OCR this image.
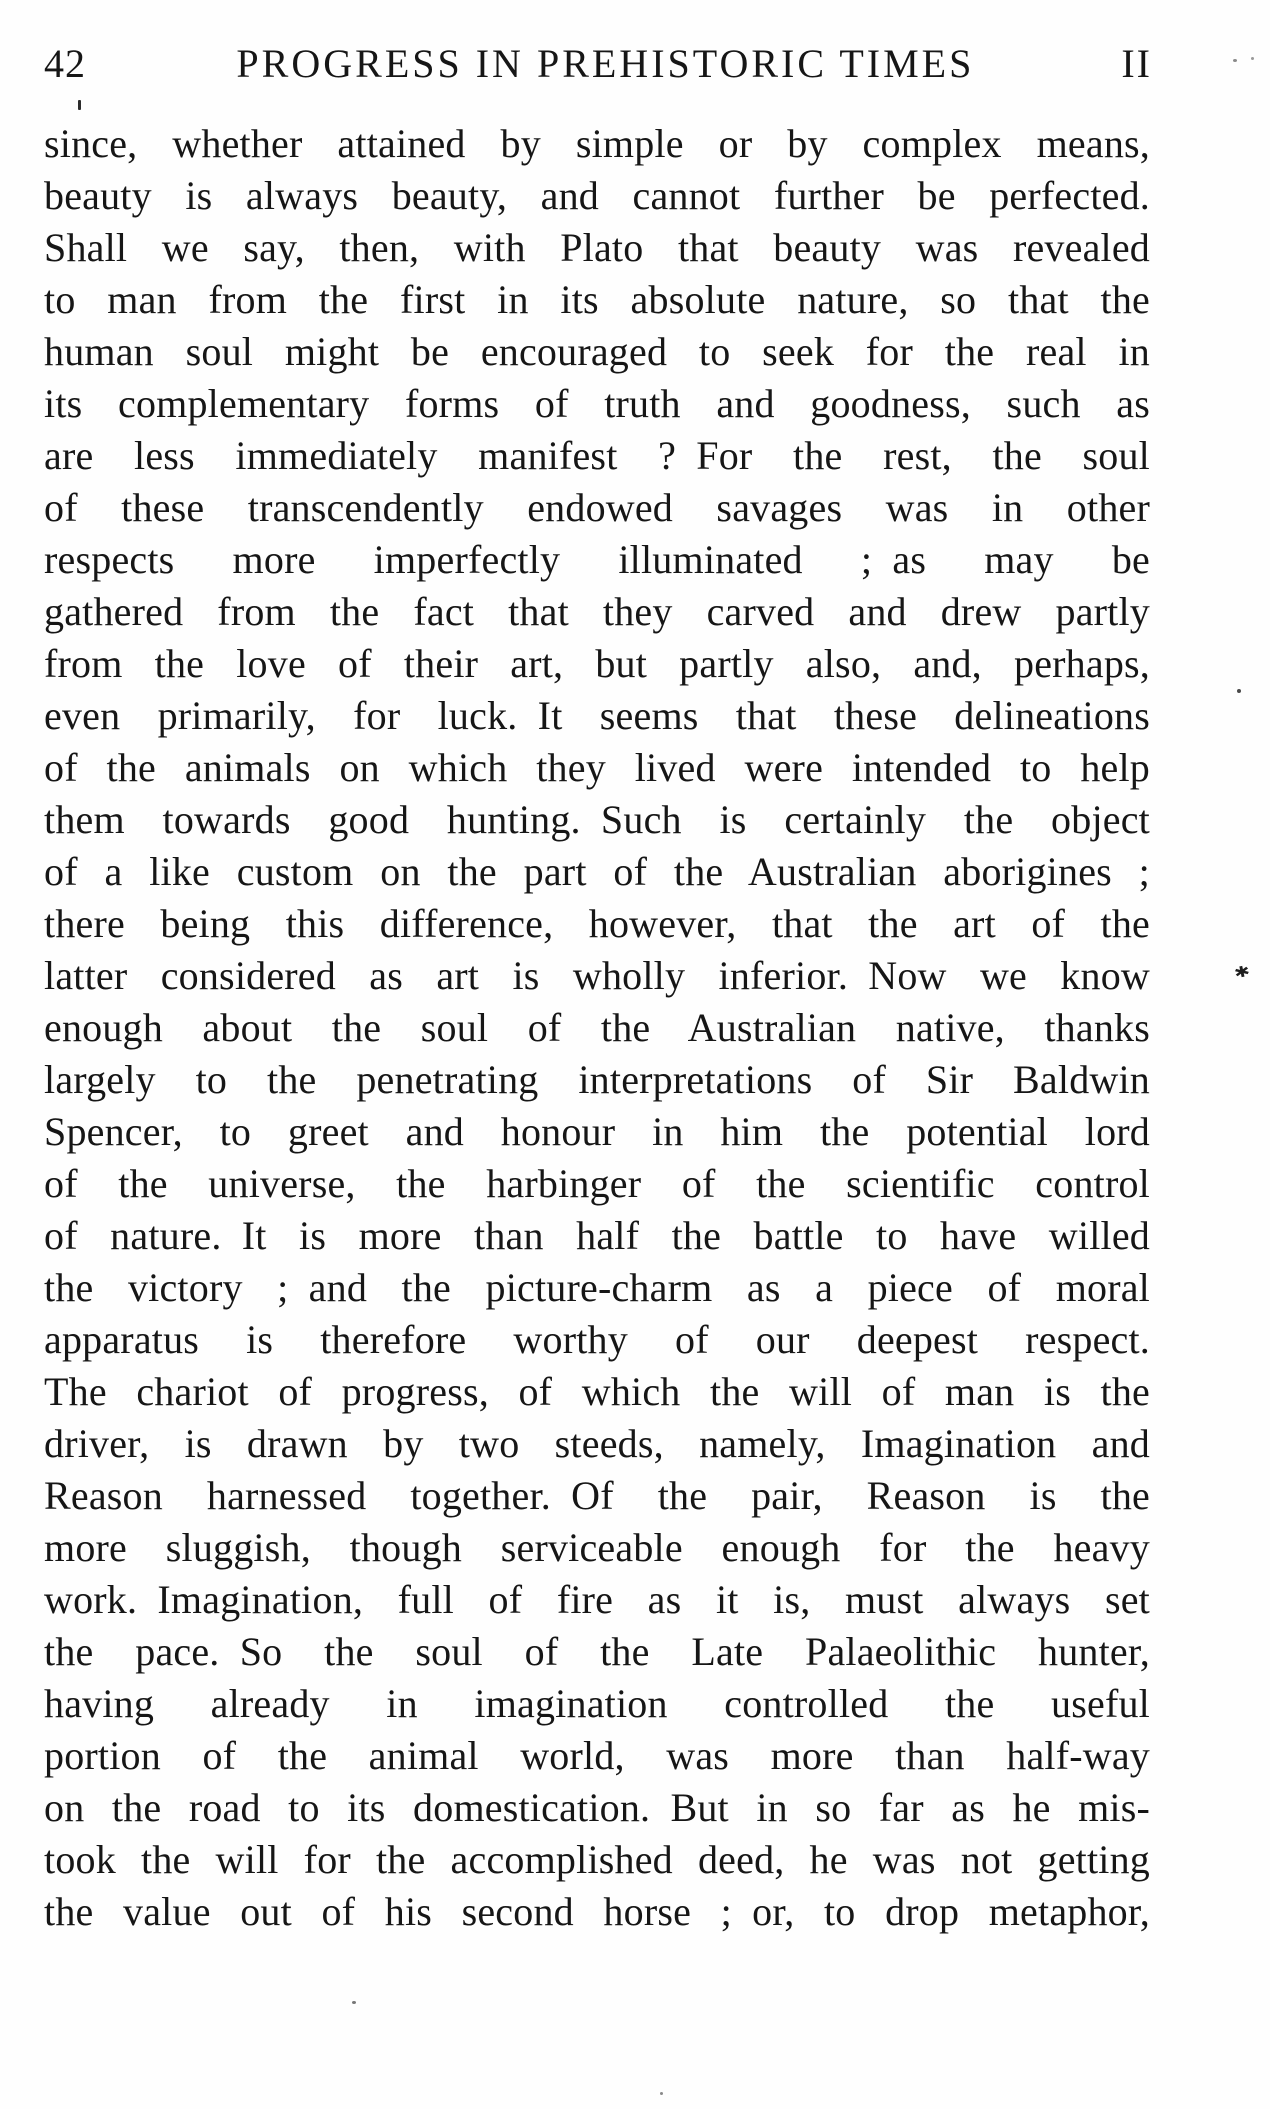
42	PROGRESS IN PREHISTORIC TIMES	II
since, whether attained by simple or by complex means,
beauty is always beauty, and cannot further be perfected.
Shall we say, then, with Plato that beauty was revealed
to man from the first in its absolute nature, so that the
human soul might be encouraged to seek for the real in
its complementary forms of truth and goodness, such as
are less immediately manifest ? For the rest, the soul
of these transcendently endowed savages was in other
respects more imperfectly illuminated ; as may be
gathered from the fact that they carved and drew partly
from the love of their art, but partly also, and, perhaps,
even primarily, for luck. It seems that these delineations
of the animals on which they lived were intended to help
them towards good hunting. Such is certainly the object
of a like custom on the part of the Australian aborigines ;
there being this difference, however, that the art of the
latter considered as art is wholly inferior. Now we know
enough about the soul of the Australian native, thanks
largely to the penetrating interpretations of Sir Baldwin
Spencer, to greet and honour in him the potential lord
of the universe, the harbinger of the scientific control
of nature. It is more than half the battle to have willed
the victory ; and the picture-charm as a piece of moral
apparatus is therefore worthy of our deepest respect.
The chariot of progress, of which the will of man is the
driver, is drawn by two steeds, namely, Imagination and
Reason harnessed together. Of the pair, Reason is the
more sluggish, though serviceable enough for the heavy
work. Imagination, full of fire as it is, must always set
the pace. So the soul of the Late Palaeolithic hunter,
having already in imagination controlled the useful
portion of the animal world, was more than half-way
on the road to its domestication. But in so far as he mis-
took the will for the accomplished deed, he was not getting
the value out of his second horse ; or, to drop metaphor,
✱
